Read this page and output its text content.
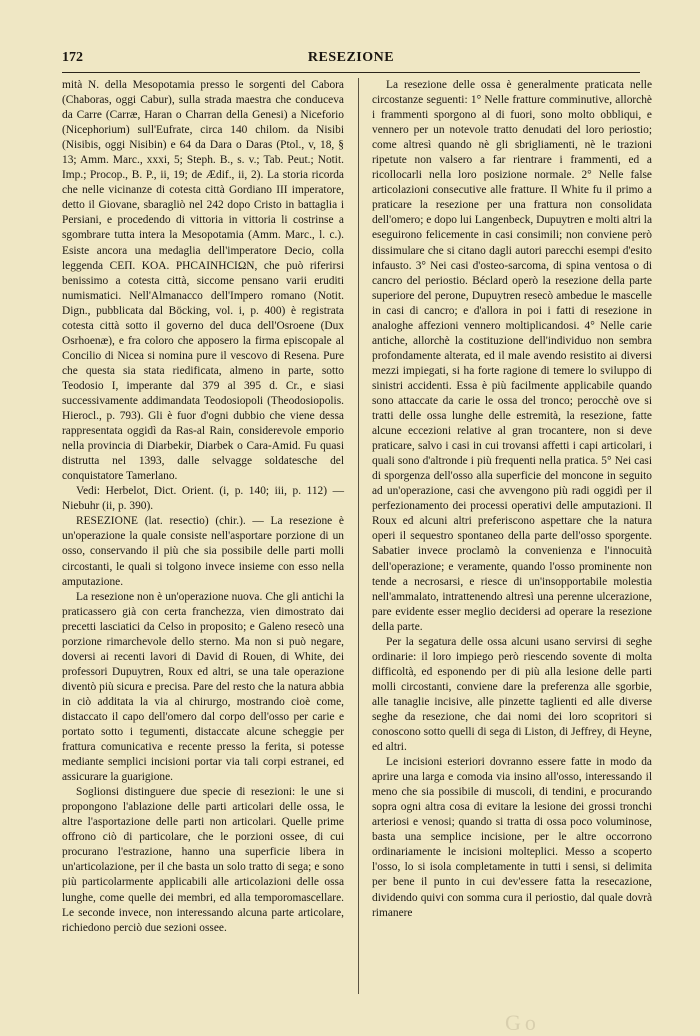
172	RESEZIONE

mità N. della Mesopotamia presso le sorgenti del Cabora (Chaboras, oggi Cabur), sulla strada maestra che conduceva da Carre (Carræ, Haran o Charran della Genesi) a Niceforio (Nicephorium) sull'Eufrate, circa 140 chilom. da Nisibi (Nisibis, oggi Nisibin) e 64 da Dara o Daras (Ptol., v, 18, § 13; Amm. Marc., xxxi, 5; Steph. B., s. v.; Tab. Peut.; Notit. Imp.; Procop., B. P., ii, 19; de Ædif., ii, 2). La storia ricorda che nelle vicinanze di cotesta città Gordiano III imperatore, detto il Giovane, sbaragliò nel 242 dopo Cristo in battaglia i Persiani, e procedendo di vittoria in vittoria li costrinse a sgombrare tutta intera la Mesopotamia (Amm. Marc., l. c.). Esiste ancora una medaglia dell'imperatore Decio, colla leggenda CEП. KOA. PHCAINHCIΩN, che può riferirsi benissimo a cotesta città, siccome pensano varii eruditi numismatici. Nell'Almanacco dell'Impero romano (Notit. Dign., pubblicata dal Böcking, vol. i, p. 400) è registrata cotesta città sotto il governo del duca dell'Osroene (Dux Osrhoenæ), e fra coloro che apposero la firma episcopale al Concilio di Nicea si nomina pure il vescovo di Resena. Pure che questa sia stata riedificata, almeno in parte, sotto Teodosio I, imperante dal 379 al 395 d. Cr., e siasi successivamente addimandata Teodosiopoli (Theodosiopolis. Hierocl., p. 793). Gli è fuor d'ogni dubbio che viene dessa rappresentata oggidì da Ras-al Rain, considerevole emporio nella provincia di Diarbekir, Diarbek o Cara-Amid. Fu quasi distrutta nel 1393, dalle selvagge soldatesche del conquistatore Tamerlano.

Vedi: Herbelot, Dict. Orient. (i, p. 140; iii, p. 112) — Niebuhr (ii, p. 390).

RESEZIONE (lat. resectio) (chir.). — La resezione è un'operazione la quale consiste nell'asportare porzione di un osso, conservando il più che sia possibile delle parti molli circostanti, le quali si tolgono invece insieme con esso nella amputazione.

La resezione non è un'operazione nuova. Che gli antichi la praticassero già con certa franchezza, vien dimostrato dai precetti lasciatici da Celso in proposito; e Galeno resecò una porzione rimarchevole dello sterno. Ma non si può negare, doversi ai recenti lavori di David di Rouen, di White, dei professori Dupuytren, Roux ed altri, se una tale operazione diventò più sicura e precisa. Pare del resto che la natura abbia in ciò additata la via al chirurgo, mostrando cioè come, distaccato il capo dell'omero dal corpo dell'osso per carie e portato sotto i tegumenti, distaccate alcune scheggie per frattura comunicativa e recente presso la ferita, si potesse mediante semplici incisioni portar via tali corpi estranei, ed assicurare la guarigione.

Soglionsi distinguere due specie di resezioni: le une si propongono l'ablazione delle parti articolari delle ossa, le altre l'asportazione delle parti non articolari. Quelle prime offrono ciò di particolare, che le porzioni ossee, di cui procurano l'estrazione, hanno una superficie libera in un'articolazione, per il che basta un solo tratto di sega; e sono più particolarmente applicabili alle articolazioni delle ossa lunghe, come quelle dei membri, ed alla temporomascellare. Le seconde invece, non interessando alcuna parte articolare, richiedono perciò due sezioni ossee.

La resezione delle ossa è generalmente praticata nelle circostanze seguenti: 1° Nelle fratture comminutive, allorchè i frammenti sporgono al di fuori, sono molto obbliqui, e vennero per un notevole tratto denudati del loro periostio; come altresì quando nè gli sbrigliamenti, nè le trazioni ripetute non valsero a far rientrare i frammenti, ed a ricollocarli nella loro posizione normale. 2° Nelle false articolazioni consecutive alle fratture. Il White fu il primo a praticare la resezione per una frattura non consolidata dell'omero; e dopo lui Langenbeck, Dupuytren e molti altri la eseguirono felicemente in casi consimili; non conviene però dissimulare che si citano dagli autori parecchi esempi d'esito infausto. 3° Nei casi d'osteo-sarcoma, di spina ventosa o di cancro del periostio. Béclard operò la resezione della parte superiore del perone, Dupuytren resecò ambedue le mascelle in casi di cancro; e d'allora in poi i fatti di resezione in analoghe affezioni vennero moltiplicandosi. 4° Nelle carie antiche, allorchè la costituzione dell'individuo non sembra profondamente alterata, ed il male avendo resistito ai diversi mezzi impiegati, si ha forte ragione di temere lo sviluppo di sinistri accidenti. Essa è più facilmente applicabile quando sono attaccate da carie le ossa del tronco; perocchè ove si tratti delle ossa lunghe delle estremità, la resezione, fatte alcune eccezioni relative al gran trocantere, non si deve praticare, salvo i casi in cui trovansi affetti i capi articolari, i quali sono d'altronde i più frequenti nella pratica. 5° Nei casi di sporgenza dell'osso alla superficie del moncone in seguito ad un'operazione, casi che avvengono più radi oggidì per il perfezionamento dei processi operativi delle amputazioni. Il Roux ed alcuni altri preferiscono aspettare che la natura operi il sequestro spontaneo della parte dell'osso sporgente. Sabatier invece proclamò la convenienza e l'innocuità dell'operazione; e veramente, quando l'osso prominente non tende a necrosarsi, e riesce di un'insopportabile molestia nell'ammalato, intrattenendo altresì una perenne ulcerazione, pare evidente esser meglio decidersi ad operare la resezione della parte.

Per la segatura delle ossa alcuni usano servirsi di seghe ordinarie: il loro impiego però riescendo sovente di molta difficoltà, ed esponendo per di più alla lesione delle parti molli circostanti, conviene dare la preferenza alle sgorbie, alle tanaglie incisive, alle pinzette taglienti ed alle diverse seghe da resezione, che dai nomi dei loro scopritori si conoscono sotto quelli di sega di Liston, di Jeffrey, di Heyne, ed altri.

Le incisioni esteriori dovranno essere fatte in modo da aprire una larga e comoda via insino all'osso, interessando il meno che sia possibile di muscoli, di tendini, e procurando sopra ogni altra cosa di evitare la lesione dei grossi tronchi arteriosi e venosi; quando si tratta di ossa poco voluminose, basta una semplice incisione, per le altre occorrono ordinariamente le incisioni molteplici. Messo a scoperto l'osso, lo si isola completamente in tutti i sensi, si delimita per bene il punto in cui dev'essere fatta la resecazione, dividendo quivi con somma cura il periostio, dal quale dovrà rimanere

Go
